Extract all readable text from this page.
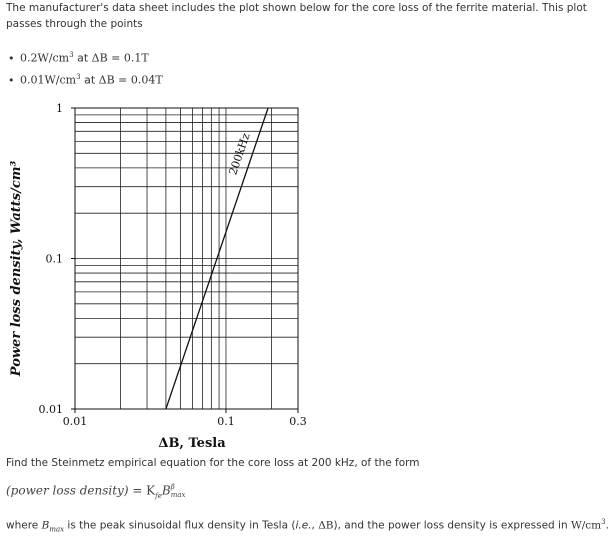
The manufacturer's data sheet includes the plot shown below for the core loss of the ferrite material. This plot passes through the points
• $0.2W/cm^3$ at ΔB = 0.1T
• $0.01W/cm^3$ at ΔB = 0.04T
0.01	0.1	0.3
0.01
0.1
1
200kHz
ΔB, Tesla
Power loss density, Watts/cm³
Find the Steinmetz empirical equation for the core loss at 200 kHz, of the form
(power loss density) = $K_{fe}B$ β
max
where $B_{max}$ is the peak sinusoidal flux density in Tesla (i.e., ΔB), and the power loss density is expressed in $W/cm^3$.
